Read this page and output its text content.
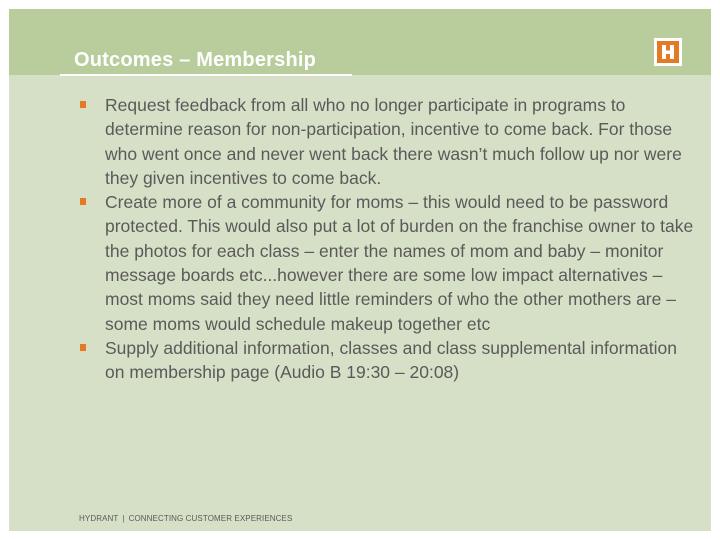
Outcomes – Membership
Request feedback from all who no longer participate in programs to determine reason for non-participation, incentive to come back. For those who went once and never went back there wasn’t much follow up nor were they given incentives to come back.
Create more of a community for moms – this would need to be password protected. This would also put a lot of burden on the franchise owner to take the photos for each class – enter the names of mom and baby – monitor message boards etc...however there are some low impact alternatives – most moms said they need little reminders of who the other mothers are – some moms would schedule makeup together etc
Supply additional information, classes and class supplemental information on membership page (Audio B 19:30 – 20:08)
HYDRANT | CONNECTING CUSTOMER EXPERIENCES
